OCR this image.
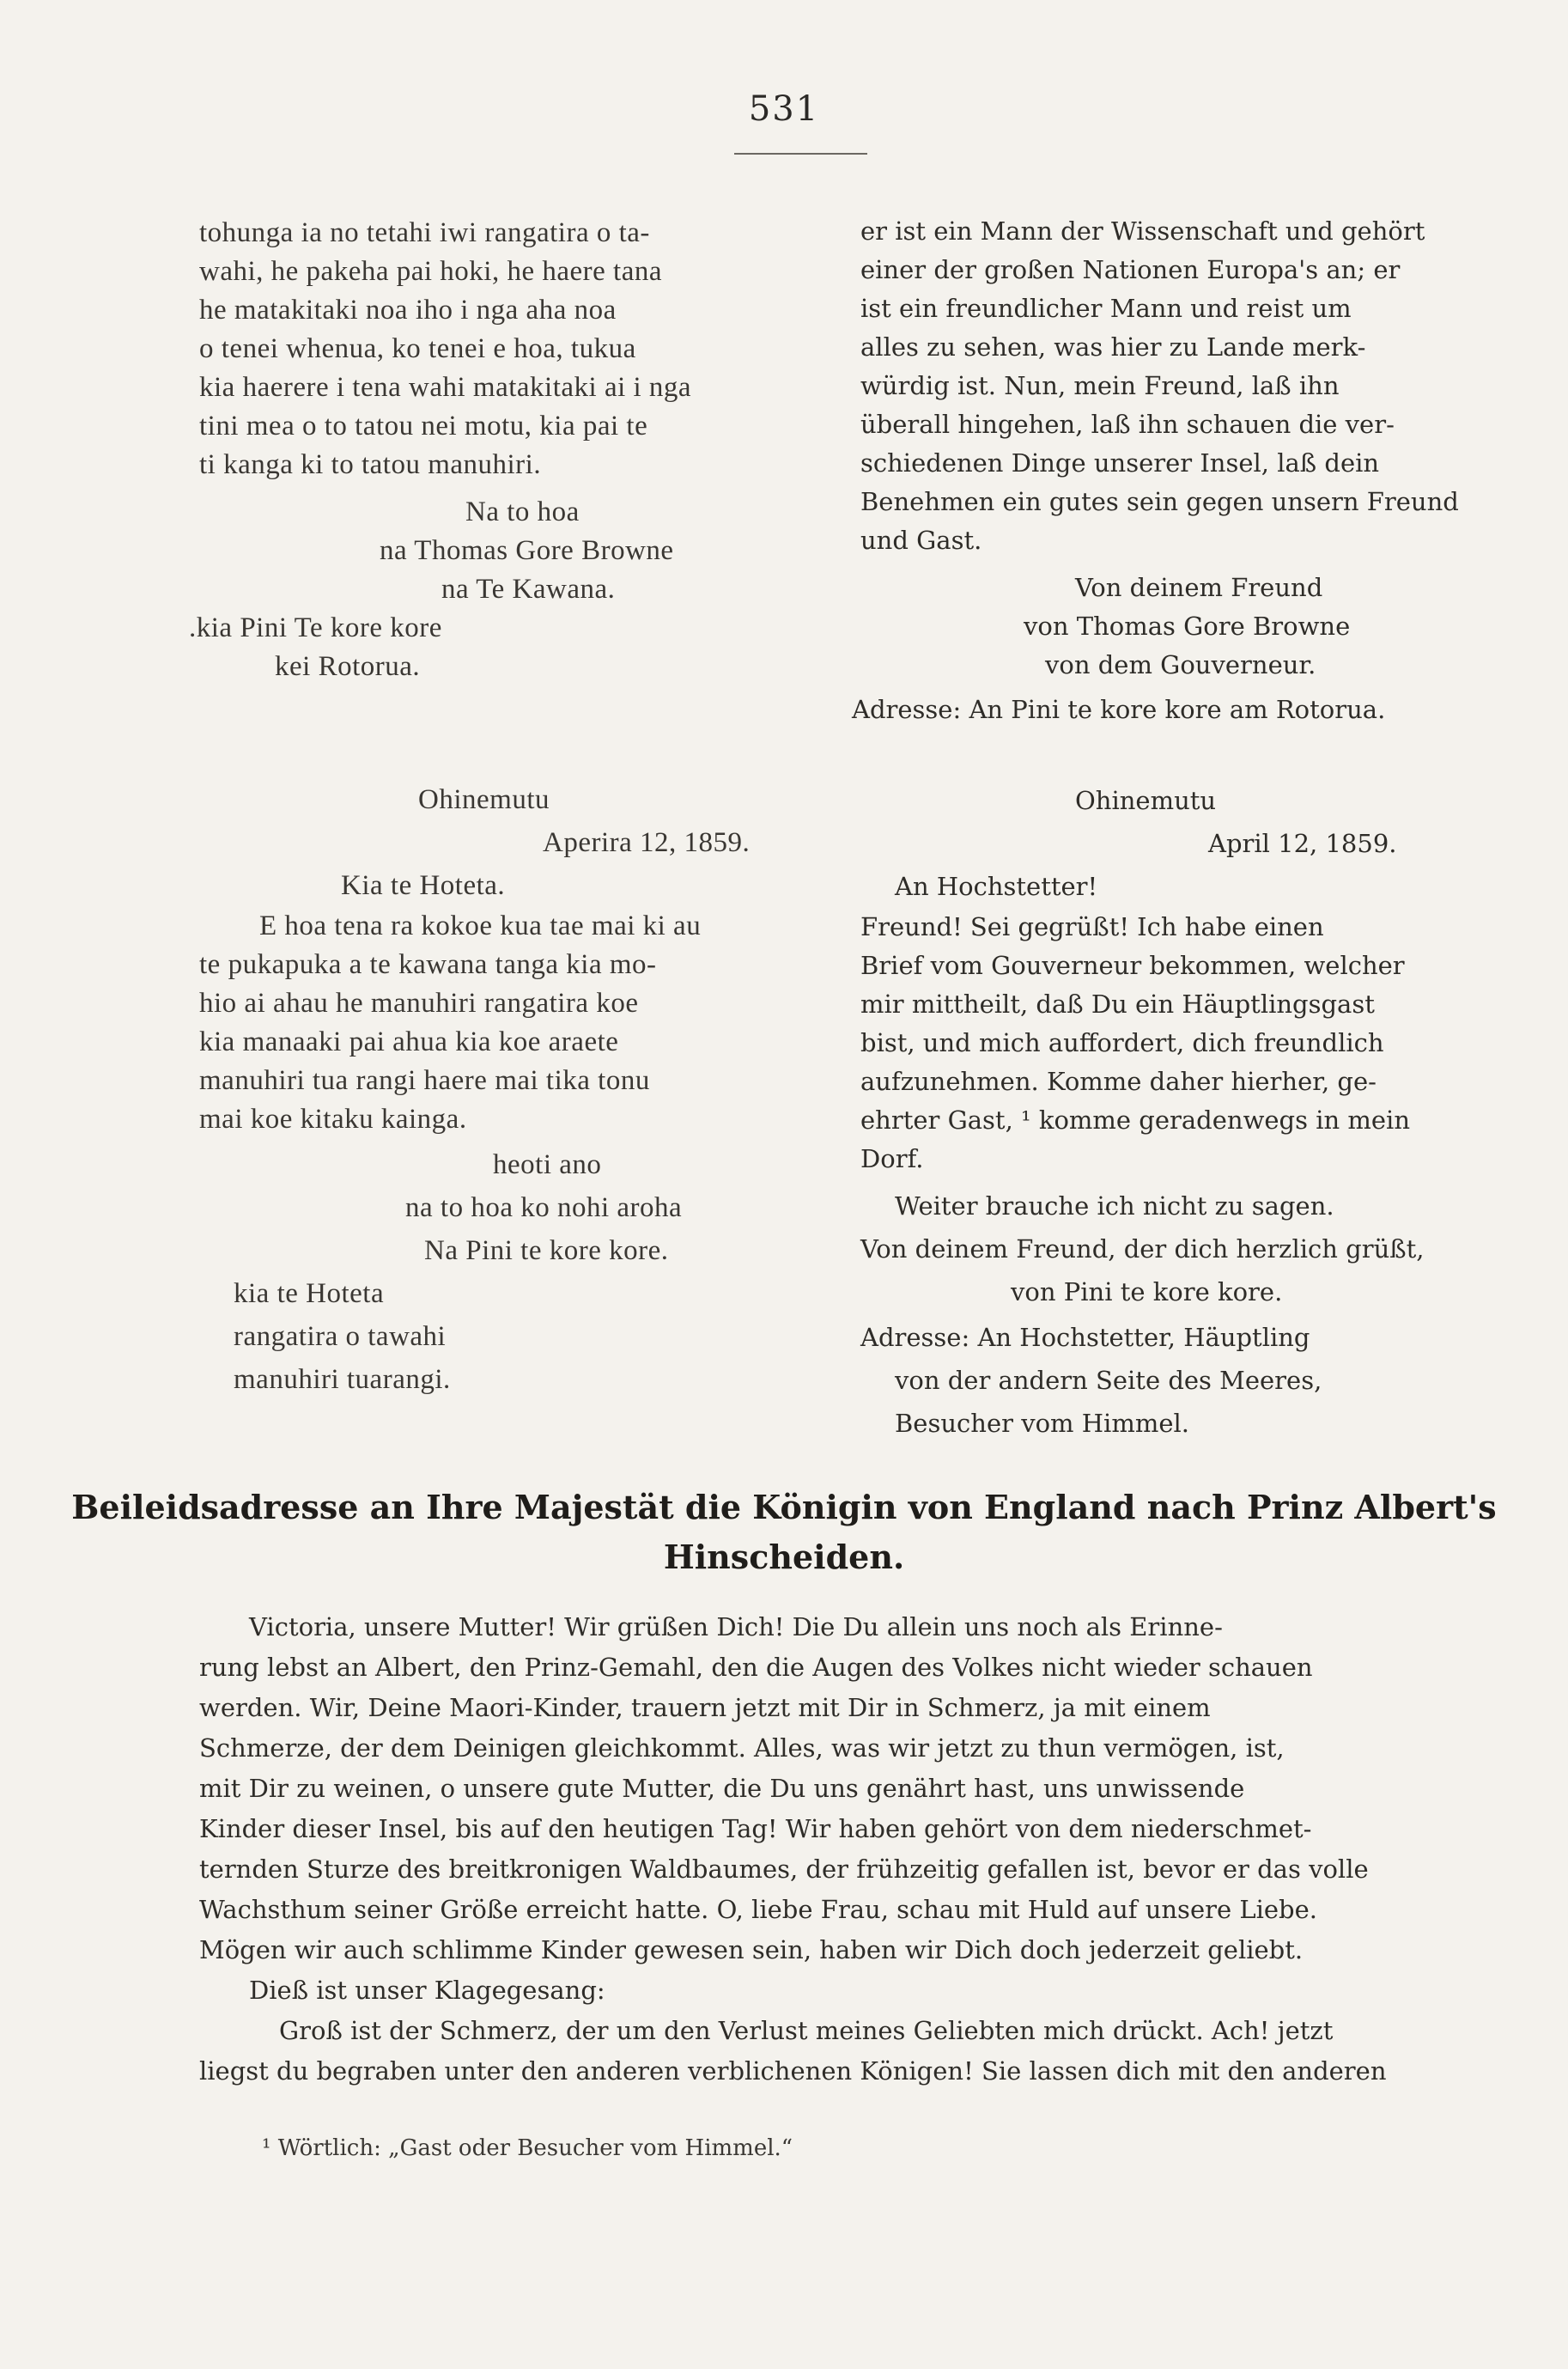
531
tohunga ia no tetahi iwi rangatira o ta-
wahi, he pakeha pai hoki, he haere tana
he matakitaki noa iho i nga aha noa
o tenei whenua, ko tenei e hoa, tukua
kia haerere i tena wahi matakitaki ai i nga
tini mea o to tatou nei motu, kia pai te
ti kanga ki to tatou manuhiri.
Na to hoa
na Thomas Gore Browne
na Te Kawana.
.kia Pini Te kore kore
kei Rotorua.
er ist ein Mann der Wissenschaft und gehört
einer der großen Nationen Europa's an; er
ist ein freundlicher Mann und reist um
alles zu sehen, was hier zu Lande merk-
würdig ist. Nun, mein Freund, laß ihn
überall hingehen, laß ihn schauen die ver-
schiedenen Dinge unserer Insel, laß dein
Benehmen ein gutes sein gegen unsern Freund
und Gast.
Von deinem Freund
von Thomas Gore Browne
von dem Gouverneur.
Adresse: An Pini te kore kore am Rotorua.
Ohinemutu
Aperira 12, 1859.
Kia te Hoteta.
E hoa tena ra kokoe kua tae mai ki au
te pukapuka a te kawana tanga kia mo-
hio ai ahau he manuhiri rangatira koe
kia manaaki pai ahua kia koe araete
manuhiri tua rangi haere mai tika tonu
mai koe kitaku kainga.
heoti ano
na to hoa ko nohi aroha
Na Pini te kore kore.
kia te Hoteta
rangatira o tawahi
manuhiri tuarangi.
Ohinemutu
April 12, 1859.
An Hochstetter!
Freund! Sei gegrüßt! Ich habe einen
Brief vom Gouverneur bekommen, welcher
mir mittheilt, daß Du ein Häuptlingsgast
bist, und mich auffordert, dich freundlich
aufzunehmen. Komme daher hierher, ge-
ehrter Gast, ¹ komme geradenwegs in mein
Dorf.
Weiter brauche ich nicht zu sagen.
Von deinem Freund, der dich herzlich grüßt,
von Pini te kore kore.
Adresse: An Hochstetter, Häuptling
von der andern Seite des Meeres,
Besucher vom Himmel.
Beileidsadresse an Ihre Majestät die Königin von England nach Prinz Albert's
Hinscheiden.
Victoria, unsere Mutter! Wir grüßen Dich! Die Du allein uns noch als Erinne-
rung lebst an Albert, den Prinz-Gemahl, den die Augen des Volkes nicht wieder schauen
werden. Wir, Deine Maori-Kinder, trauern jetzt mit Dir in Schmerz, ja mit einem
Schmerze, der dem Deinigen gleichkommt. Alles, was wir jetzt zu thun vermögen, ist,
mit Dir zu weinen, o unsere gute Mutter, die Du uns genährt hast, uns unwissende
Kinder dieser Insel, bis auf den heutigen Tag! Wir haben gehört von dem niederschmet-
ternden Sturze des breitkronigen Waldbaumes, der frühzeitig gefallen ist, bevor er das volle
Wachsthum seiner Größe erreicht hatte. O, liebe Frau, schau mit Huld auf unsere Liebe.
Mögen wir auch schlimme Kinder gewesen sein, haben wir Dich doch jederzeit geliebt.
Dieß ist unser Klagegesang:
Groß ist der Schmerz, der um den Verlust meines Geliebten mich drückt. Ach! jetzt
liegst du begraben unter den anderen verblichenen Königen! Sie lassen dich mit den anderen
¹ Wörtlich: „Gast oder Besucher vom Himmel.“
